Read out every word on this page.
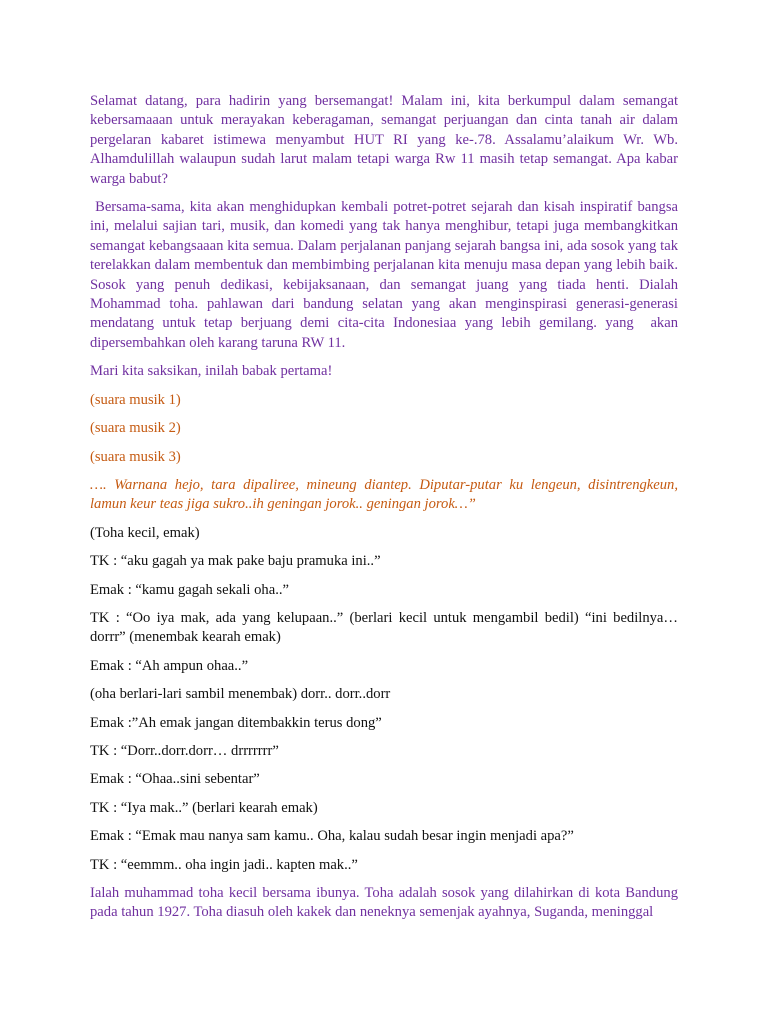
Selamat datang, para hadirin yang bersemangat! Malam ini, kita berkumpul dalam semangat kebersamaaan untuk merayakan keberagaman, semangat perjuangan dan cinta tanah air dalam pergelaran kabaret istimewa menyambut HUT RI yang ke-.78. Assalamu’alaikum Wr. Wb. Alhamdulillah walaupun sudah larut malam tetapi warga Rw 11 masih tetap semangat. Apa kabar warga babut?

Bersama-sama, kita akan menghidupkan kembali potret-potret sejarah dan kisah inspiratif bangsa ini, melalui sajian tari, musik, dan komedi yang tak hanya menghibur, tetapi juga membangkitkan semangat kebangsaaan kita semua. Dalam perjalanan panjang sejarah bangsa ini, ada sosok yang tak terelakkan dalam membentuk dan membimbing perjalanan kita menuju masa depan yang lebih baik. Sosok yang penuh dedikasi, kebijaksanaan, dan semangat juang yang tiada henti. Dialah Mohammad toha. pahlawan dari bandung selatan yang akan menginspirasi generasi-generasi mendatang untuk tetap berjuang demi cita-cita Indonesiaa yang lebih gemilang. yang  akan dipersembahkan oleh karang taruna RW 11.

Mari kita saksikan, inilah babak pertama!

(suara musik 1)

(suara musik 2)

(suara musik 3)

…. Warnana hejo, tara dipaliree, mineung diantep. Diputar-putar ku lengeun, disintrengkeun, lamun keur teas jiga sukro..ih geningan jorok.. geningan jorok…”

(Toha kecil, emak)

TK : “aku gagah ya mak pake baju pramuka ini..”

Emak : “kamu gagah sekali oha..”

TK : “Oo iya mak, ada yang kelupaan..” (berlari kecil untuk mengambil bedil) “ini bedilnya… dorrr” (menembak kearah emak)

Emak : “Ah ampun ohaa..”

(oha berlari-lari sambil menembak) dorr.. dorr..dorr

Emak :”Ah emak jangan ditembakkin terus dong”

TK : “Dorr..dorr.dorr… drrrrrrr”

Emak : “Ohaa..sini sebentar”

TK : “Iya mak..” (berlari kearah emak)

Emak : “Emak mau nanya sam kamu.. Oha, kalau sudah besar ingin menjadi apa?”

TK : “eemmm.. oha ingin jadi.. kapten mak..”

Ialah muhammad toha kecil bersama ibunya. Toha adalah sosok yang dilahirkan di kota Bandung pada tahun 1927. Toha diasuh oleh kakek dan neneknya semenjak ayahnya, Suganda, meninggal
